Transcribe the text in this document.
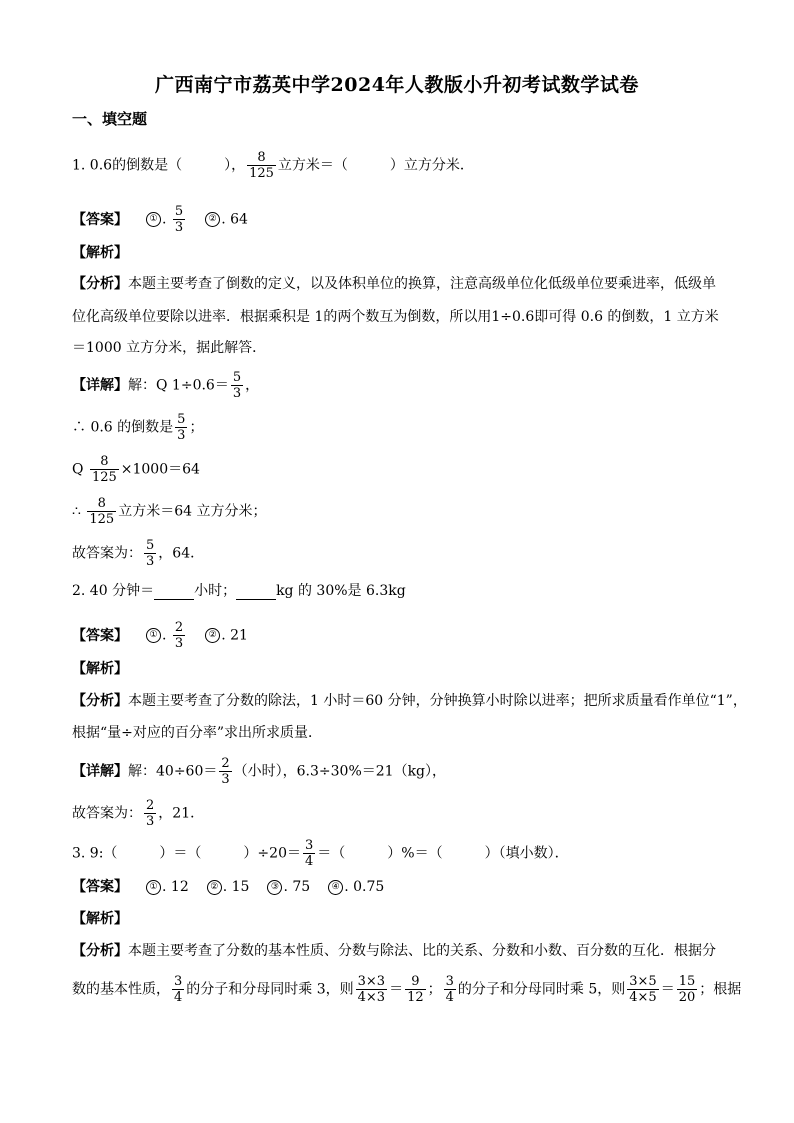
广西南宁市荔英中学2024年人教版小升初考试数学试卷
一、填空题
1. 0.6的倒数是（　　　）， $\frac{8}{125}$ 立方米＝（　　　）立方分米．
【答案】 ① . $\frac{5}{3}$	② . 64
【解析】
【分析】本题主要考查了倒数的定义，以及体积单位的换算，注意高级单位化低级单位要乘进率，低级单
位化高级单位要除以进率．根据乘积是 1的两个数互为倒数，所以用1÷0.6即可得 0.6 的倒数，1 立方米
＝1000 立方分米，据此解答．
【详解】解：Q $1\div 0.6= \frac{5}{3}$ ，
∴ 0.6 的倒数是 $\frac{5}{3}$ ；
Q $\frac{8}{125} \times 1000=64$
∴ $\frac{8}{125}$ 立方米＝64 立方分米；
故答案为： $\frac{5}{3}$ ，64．
2. 40 分钟＝	小时；	kg 的 30%是 6.3kg
【答案】 ① . $\frac{2}{3}$	② . 21
【解析】
【分析】本题主要考查了分数的除法，1 小时＝60 分钟，分钟换算小时除以进率；把所求质量看作单位“1”，
根据“量÷对应的百分率”求出所求质量．
【详解】解：$40\div 60= \frac{2}{3}$ （小时），6.3÷30%＝21（kg），
故答案为： $\frac{2}{3}$ ，21．
3. 9:（　　　）＝（　　　）$\div 20= \frac{3}{4}$ ＝（　　　）%＝（　　　）（填小数）．
【答案】 ① . 12 ② . 15 ③ . 75 ④ . 0.75
【解析】
【分析】本题主要考查了分数的基本性质、分数与除法、比的关系、分数和小数、百分数的互化．根据分
数的基本性质， $\frac{3}{4}$ 的分子和分母同时乘 3，则 $\frac{3\times 3}{4\times 3} = \frac{9}{12}$ ； $\frac{3}{4}$ 的分子和分母同时乘 5，则 $\frac{3\times 5}{4\times 5} = \frac{15}{20}$ ；根据
